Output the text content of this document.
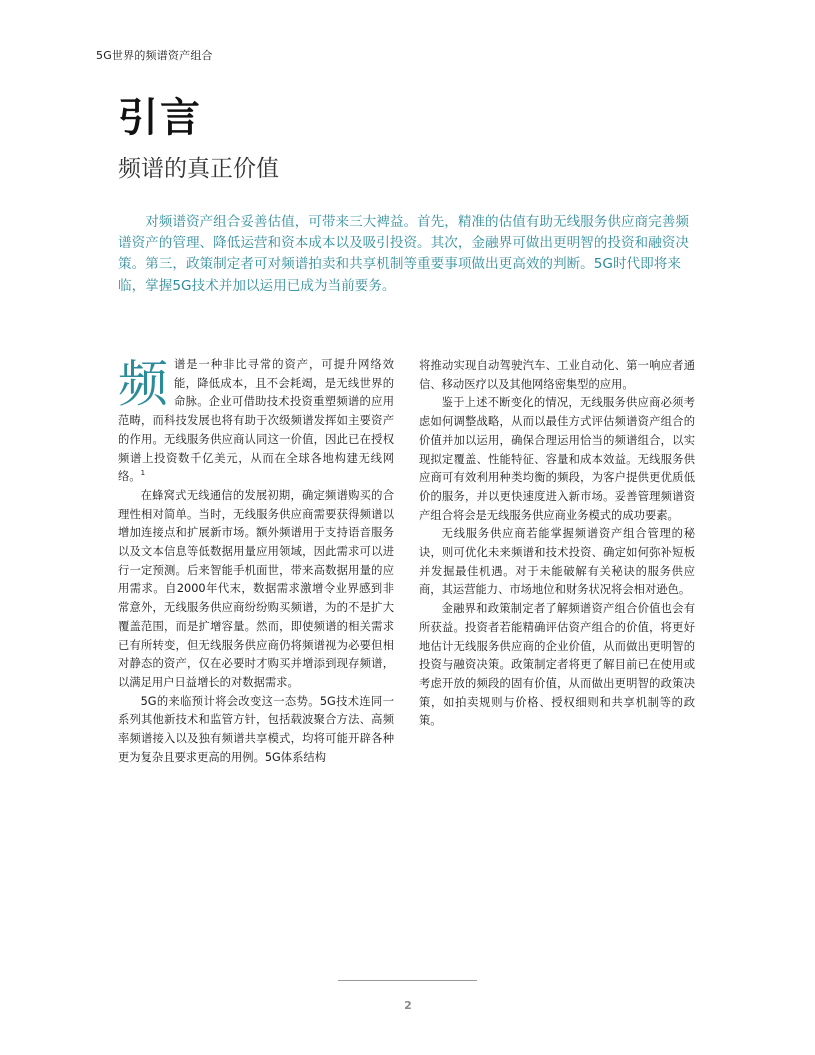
5G世界的频谱资产组合
引言
频谱的真正价值

对频谱资产组合妥善估值，可带来三大裨益。首先，精准的估值有助无线服务供应商完善频谱资产的管理、降低运营和资本成本以及吸引投资。其次，金融界可做出更明智的投资和融资决策。第三，政策制定者可对频谱拍卖和共享机制等重要事项做出更高效的判断。5G时代即将来临，掌握5G技术并加以运用已成为当前要务。

频谱是一种非比寻常的资产，可提升网络效能，降低成本，且不会耗竭，是无线世界的命脉。企业可借助技术投资重塑频谱的应用范畴，而科技发展也将有助于次级频谱发挥如主要资产的作用。无线服务供应商认同这一价值，因此已在授权频谱上投资数千亿美元，从而在全球各地构建无线网络。$^1$

在蜂窝式无线通信的发展初期，确定频谱购买的合理性相对简单。当时，无线服务供应商需要获得频谱以增加连接点和扩展新市场。额外频谱用于支持语音服务以及文本信息等低数据用量应用领域，因此需求可以进行一定预测。后来智能手机面世，带来高数据用量的应用需求。自2000年代末，数据需求激增令业界感到非常意外，无线服务供应商纷纷购买频谱，为的不是扩大覆盖范围，而是扩增容量。然而，即使频谱的相关需求已有所转变，但无线服务供应商仍将频谱视为必要但相对静态的资产，仅在必要时才购买并增添到现存频谱，以满足用户日益增长的对数据需求。

5G的来临预计将会改变这一态势。5G技术连同一系列其他新技术和监管方针，包括载波聚合方法、高频率频谱接入以及独有频谱共享模式，均将可能开辟各种更为复杂且要求更高的用例。5G体系结构

将推动实现自动驾驶汽车、工业自动化、第一响应者通信、移动医疗以及其他网络密集型的应用。

鉴于上述不断变化的情况，无线服务供应商必须考虑如何调整战略，从而以最佳方式评估频谱资产组合的价值并加以运用，确保合理运用恰当的频谱组合，以实现拟定覆盖、性能特征、容量和成本效益。无线服务供应商可有效利用种类均衡的频段，为客户提供更优质低价的服务，并以更快速度进入新市场。妥善管理频谱资产组合将会是无线服务供应商业务模式的成功要素。

无线服务供应商若能掌握频谱资产组合管理的秘诀，则可优化未来频谱和技术投资、确定如何弥补短板并发掘最佳机遇。对于未能破解有关秘诀的服务供应商，其运营能力、市场地位和财务状况将会相对逊色。

金融界和政策制定者了解频谱资产组合价值也会有所获益。投资者若能精确评估资产组合的价值，将更好地估计无线服务供应商的企业价值，从而做出更明智的投资与融资决策。政策制定者将更了解目前已在使用或考虑开放的频段的固有价值，从而做出更明智的政策决策，如拍卖规则与价格、授权细则和共享机制等的政策。

2
